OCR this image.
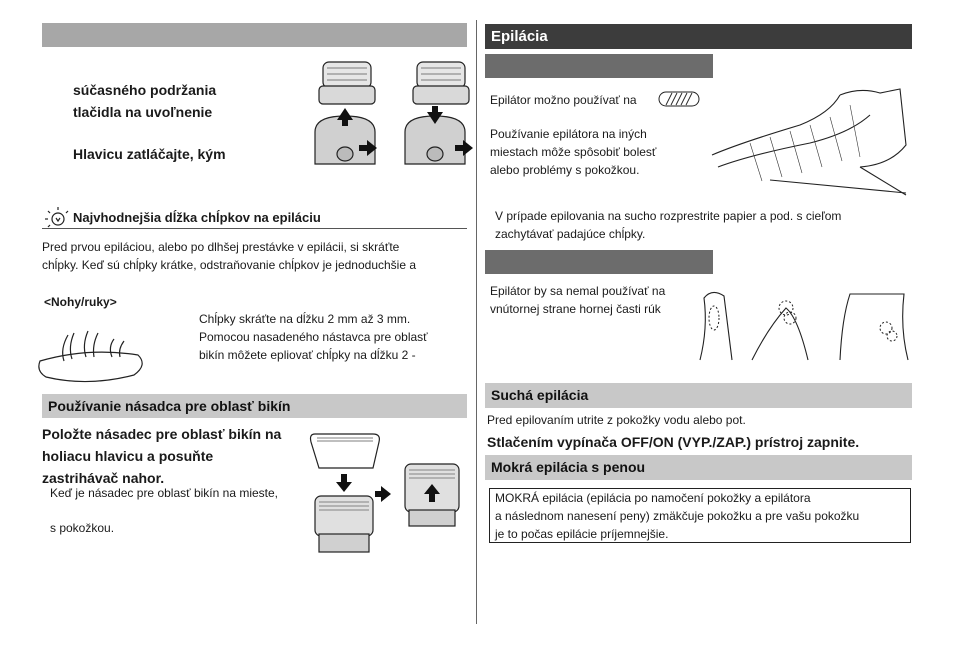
súčasného podržania
tlačidla na uvoľnenie
Hlavicu zatláčajte, kým
Najvhodnejšia dĺžka chĺpkov na epiláciu
Pred prvou epiláciou, alebo po dlhšej prestávke v epilácii, si skráťte
chĺpky. Keď sú chĺpky krátke, odstraňovanie chĺpkov je jednoduchšie a
<Nohy/ruky>
Chĺpky skráťte na dĺžku 2 mm až 3 mm.
Pomocou nasadeného nástavca pre oblasť
bikín môžete epliovať chĺpky na dĺžku 2 -
Používanie násadca pre oblasť bikín
Položte násadec pre oblasť bikín na
holiacu hlavicu a posuňte
zastrihávač nahor.
Keď je násadec pre oblasť bikín na mieste,
s pokožkou.
Epilácia
Epilátor možno používať na
Používanie epilátora na iných
miestach môže spôsobiť bolesť
alebo problémy s pokožkou.
V prípade epilovania na sucho rozprestrite papier a pod. s cieľom
zachytávať padajúce chĺpky.
Epilátor by sa nemal používať na
vnútornej strane hornej časti rúk
Suchá epilácia
Pred epilovaním utrite z pokožky vodu alebo pot.
Stlačením vypínača OFF/ON (VYP./ZAP.) prístroj zapnite.
Mokrá epilácia s penou
MOKRÁ epilácia (epilácia po namočení pokožky a epilátora
a následnom nanesení peny) zmäkčuje pokožku a pre vašu pokožku
je to počas epilácie príjemnejšie.
